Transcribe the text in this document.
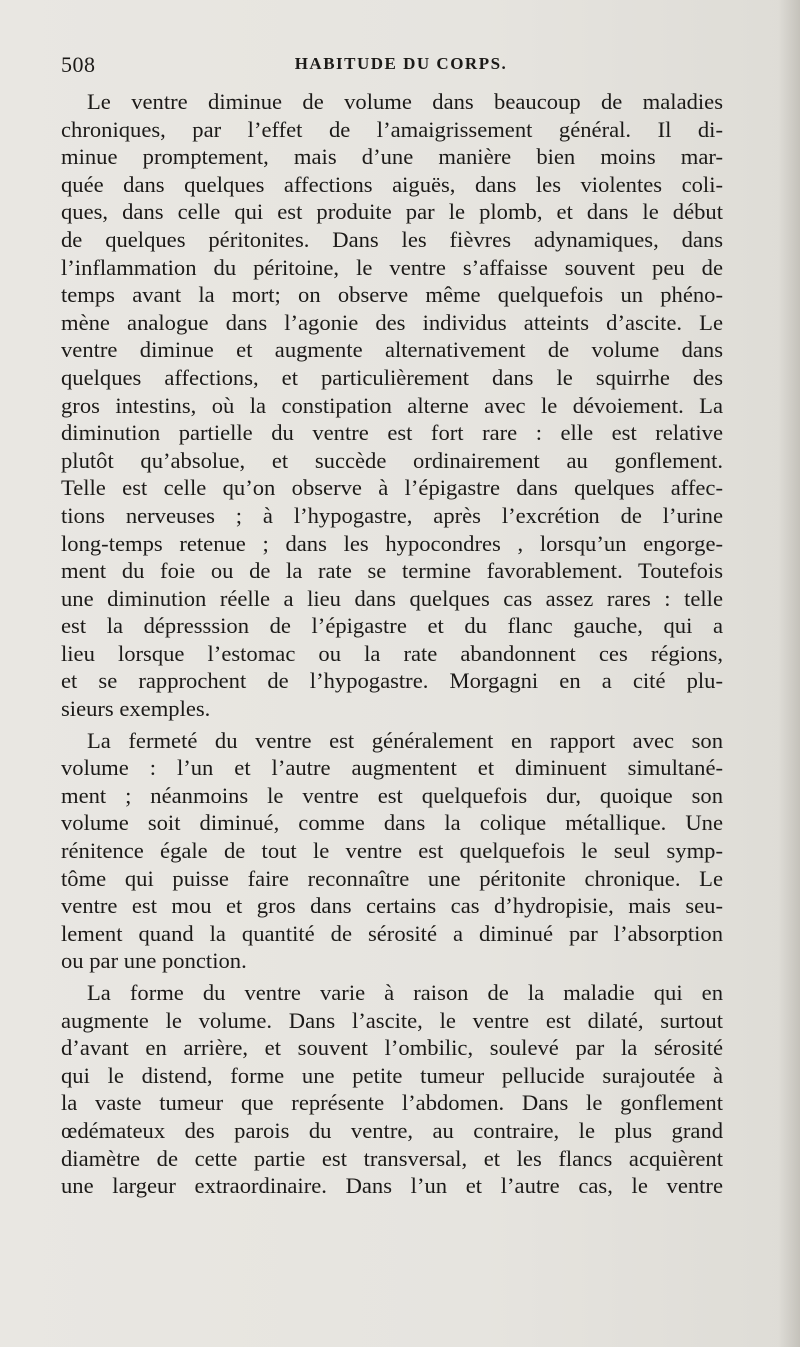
508	HABITUDE DU CORPS.

Le ventre diminue de volume dans beaucoup de maladies
chroniques, par l’effet de l’amaigrissement général. Il di-
minue promptement, mais d’une manière bien moins mar-
quée dans quelques affections aiguës, dans les violentes coli-
ques, dans celle qui est produite par le plomb, et dans le début
de quelques péritonites. Dans les fièvres adynamiques, dans
l’inflammation du péritoine, le ventre s’affaisse souvent peu de
temps avant la mort; on observe même quelquefois un phéno-
mène analogue dans l’agonie des individus atteints d’ascite. Le
ventre diminue et augmente alternativement de volume dans
quelques affections, et particulièrement dans le squirrhe des
gros intestins, où la constipation alterne avec le dévoiement. La
diminution partielle du ventre est fort rare : elle est relative
plutôt qu’absolue, et succède ordinairement au gonflement.
Telle est celle qu’on observe à l’épigastre dans quelques affec-
tions nerveuses ; à l’hypogastre, après l’excrétion de l’urine
long-temps retenue ; dans les hypocondres , lorsqu’un engorge-
ment du foie ou de la rate se termine favorablement. Toutefois
une diminution réelle a lieu dans quelques cas assez rares : telle
est la dépresssion de l’épigastre et du flanc gauche, qui a
lieu lorsque l’estomac ou la rate abandonnent ces régions,
et se rapprochent de l’hypogastre. Morgagni en a cité plu-
sieurs exemples.

La fermeté du ventre est généralement en rapport avec son
volume : l’un et l’autre augmentent et diminuent simultané-
ment ; néanmoins le ventre est quelquefois dur, quoique son
volume soit diminué, comme dans la colique métallique. Une
rénitence égale de tout le ventre est quelquefois le seul symp-
tôme qui puisse faire reconnaître une péritonite chronique. Le
ventre est mou et gros dans certains cas d’hydropisie, mais seu-
lement quand la quantité de sérosité a diminué par l’absorption
ou par une ponction.

La forme du ventre varie à raison de la maladie qui en
augmente le volume. Dans l’ascite, le ventre est dilaté, surtout
d’avant en arrière, et souvent l’ombilic, soulevé par la sérosité
qui le distend, forme une petite tumeur pellucide surajoutée à
la vaste tumeur que représente l’abdomen. Dans le gonflement
œdémateux des parois du ventre, au contraire, le plus grand
diamètre de cette partie est transversal, et les flancs acquièrent
une largeur extraordinaire. Dans l’un et l’autre cas, le ventre
